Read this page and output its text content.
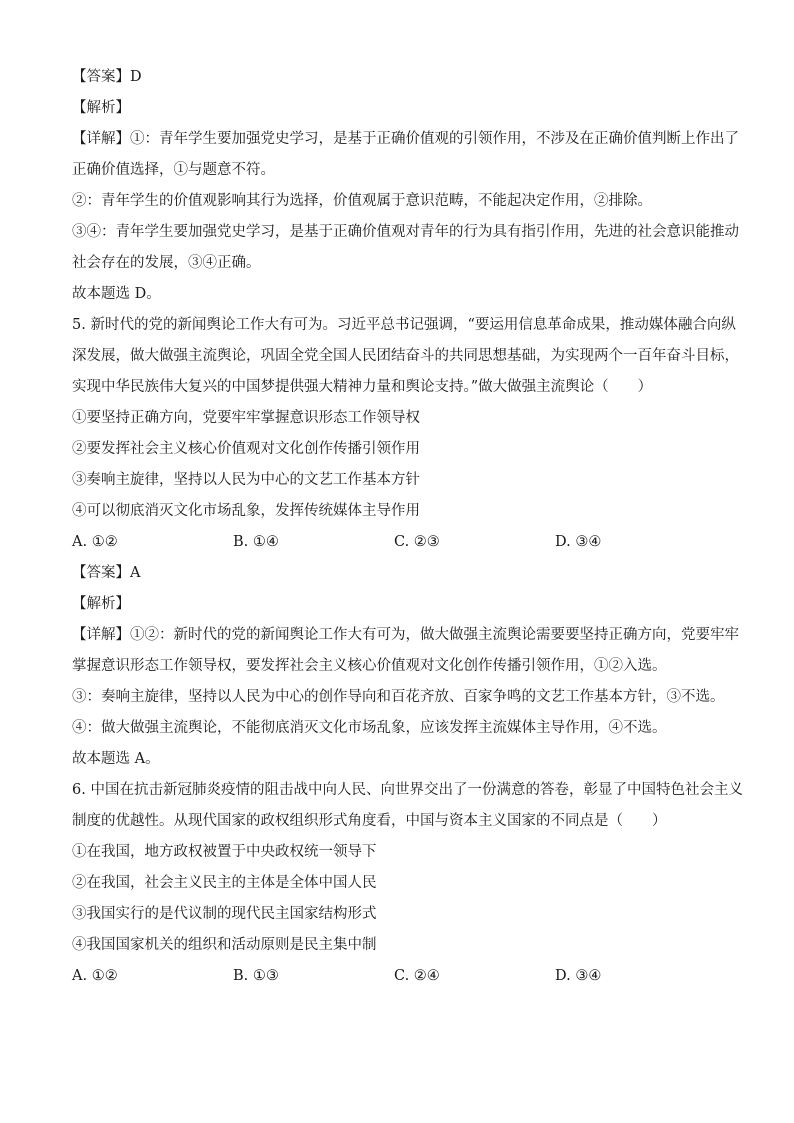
【答案】D
【解析】
【详解】①：青年学生要加强党史学习，是基于正确价值观的引领作用，不涉及在正确价值判断上作出了
正确价值选择，①与题意不符。
②：青年学生的价值观影响其行为选择，价值观属于意识范畴，不能起决定作用，②排除。
③④：青年学生要加强党史学习，是基于正确价值观对青年的行为具有指引作用，先进的社会意识能推动
社会存在的发展，③④正确。
故本题选 D。
5. 新时代的党的新闻舆论工作大有可为。习近平总书记强调，“要运用信息革命成果，推动媒体融合向纵
深发展，做大做强主流舆论，巩固全党全国人民团结奋斗的共同思想基础，为实现两个一百年奋斗目标，
实现中华民族伟大复兴的中国梦提供强大精神力量和舆论支持。”做大做强主流舆论（　　）
①要坚持正确方向，党要牢牢掌握意识形态工作领导权
②要发挥社会主义核心价值观对文化创作传播引领作用
③奏响主旋律，坚持以人民为中心的文艺工作基本方针
④可以彻底消灭文化市场乱象，发挥传统媒体主导作用
A. ①②	B. ①④	C. ②③	D. ③④
【答案】A
【解析】
【详解】①②：新时代的党的新闻舆论工作大有可为，做大做强主流舆论需要要坚持正确方向，党要牢牢
掌握意识形态工作领导权，要发挥社会主义核心价值观对文化创作传播引领作用，①②入选。
③：奏响主旋律，坚持以人民为中心的创作导向和百花齐放、百家争鸣的文艺工作基本方针，③不选。
④：做大做强主流舆论，不能彻底消灭文化市场乱象，应该发挥主流媒体主导作用，④不选。
故本题选 A。
6. 中国在抗击新冠肺炎疫情的阻击战中向人民、向世界交出了一份满意的答卷，彰显了中国特色社会主义
制度的优越性。从现代国家的政权组织形式角度看，中国与资本主义国家的不同点是（　　）
①在我国，地方政权被置于中央政权统一领导下
②在我国，社会主义民主的主体是全体中国人民
③我国实行的是代议制的现代民主国家结构形式
④我国国家机关的组织和活动原则是民主集中制
A. ①②	B. ①③	C. ②④	D. ③④
